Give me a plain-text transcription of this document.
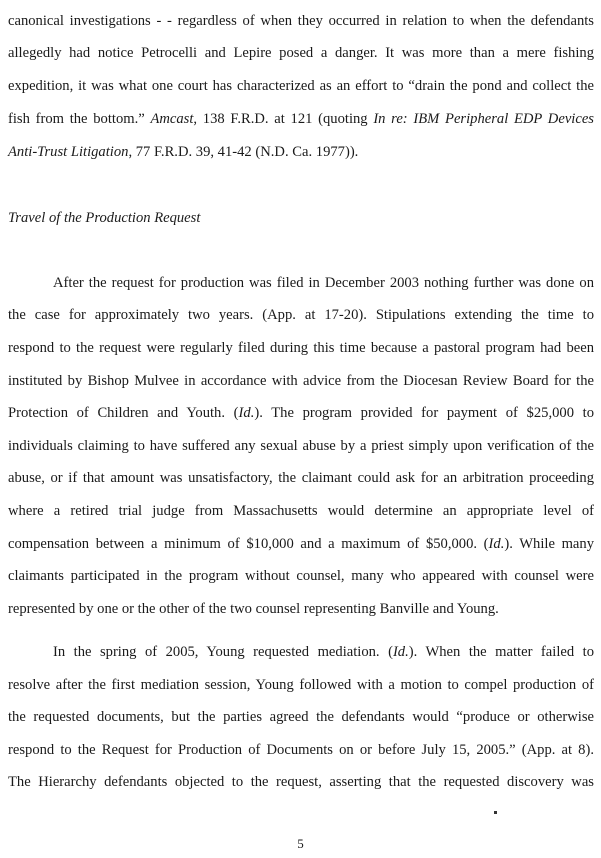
canonical investigations - - regardless of when they occurred in relation to when the defendants
allegedly had notice Petrocelli and Lepire posed a danger. It was more than a mere fishing
expedition, it was what one court has characterized as an effort to “drain the pond and collect the
fish from the bottom.” Amcast, 138 F.R.D. at 121 (quoting In re: IBM Peripheral EDP Devices
Anti-Trust Litigation, 77 F.R.D. 39, 41-42 (N.D. Ca. 1977)).
Travel of the Production Request
After the request for production was filed in December 2003 nothing further was done on
the case for approximately two years. (App. at 17-20). Stipulations extending the time to
respond to the request were regularly filed during this time because a pastoral program had been
instituted by Bishop Mulvee in accordance with advice from the Diocesan Review Board for the
Protection of Children and Youth. (Id.). The program provided for payment of $25,000 to
individuals claiming to have suffered any sexual abuse by a priest simply upon verification of the
abuse, or if that amount was unsatisfactory, the claimant could ask for an arbitration proceeding
where a retired trial judge from Massachusetts would determine an appropriate level of
compensation between a minimum of $10,000 and a maximum of $50,000. (Id.). While many
claimants participated in the program without counsel, many who appeared with counsel were
represented by one or the other of the two counsel representing Banville and Young.
In the spring of 2005, Young requested mediation. (Id.). When the matter failed to
resolve after the first mediation session, Young followed with a motion to compel production of
the requested documents, but the parties agreed the defendants would “produce or otherwise
respond to the Request for Production of Documents on or before July 15, 2005.” (App. at 8).
The Hierarchy defendants objected to the request, asserting that the requested discovery was
5
